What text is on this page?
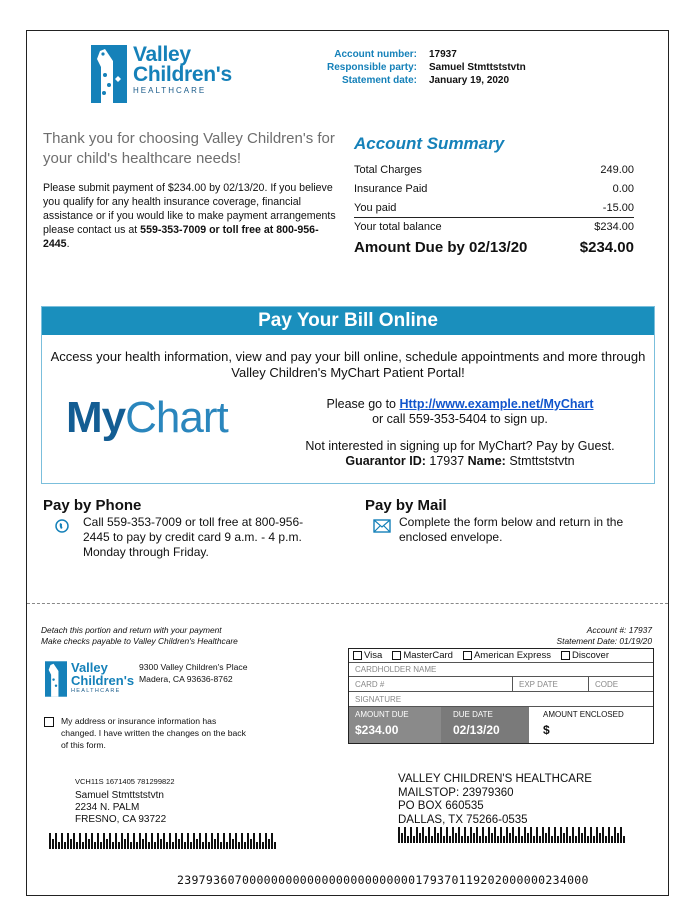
Valley
Children's
HEALTHCARE
Account number:	17937
Responsible party:	Samuel Stmttststvtn
Statement date:	January 19, 2020
Thank you for choosing Valley Children's for your child's healthcare needs!
Please submit payment of $234.00 by 02/13/20. If you believe you qualify for any health insurance coverage, financial assistance or if you would like to make payment arrangements please contact us at 559-353-7009 or toll free at 800-956-2445.
Account Summary
Total Charges	249.00
Insurance Paid	0.00
You paid	-15.00
Your total balance	$234.00
Amount Due by 02/13/20	$234.00
Pay Your Bill Online
Access your health information, view and pay your bill online, schedule appointments and more through Valley Children's MyChart Patient Portal!
MyChart	Please go to Http://www.example.net/MyChart
or call 559-353-5404 to sign up.
Not interested in signing up for MyChart? Pay by Guest.
Guarantor ID: 17937 Name: Stmttststvtn
Pay by Phone
Call 559-353-7009 or toll free at 800-956-2445 to pay by credit card 9 a.m. - 4 p.m. Monday through Friday.
Pay by Mail
Complete the form below and return in the enclosed envelope.
Detach this portion and return with your payment
Make checks payable to Valley Children's Healthcare
Account #: 17937
Statement Date: 01/19/20
Valley
Children's
HEALTHCARE
9300 Valley Children's Place
Madera, CA 93636-8762
My address or insurance information has changed. I have written the changes on the back of this form.
Visa MasterCard American Express Discover
CARDHOLDER NAME
CARD #	EXP DATE	CODE
SIGNATURE
AMOUNT DUE
$234.00
DUE DATE
02/13/20
AMOUNT ENCLOSED
$
VCH11S 1671405 781299822
Samuel Stmttststvtn
2234 N. PALM
FRESNO, CA 93722
VALLEY CHILDREN'S HEALTHCARE
MAILSTOP: 23979360
PO BOX 660535
DALLAS, TX 75266-0535
239793607000000000000000000000000179370119202000000234000
